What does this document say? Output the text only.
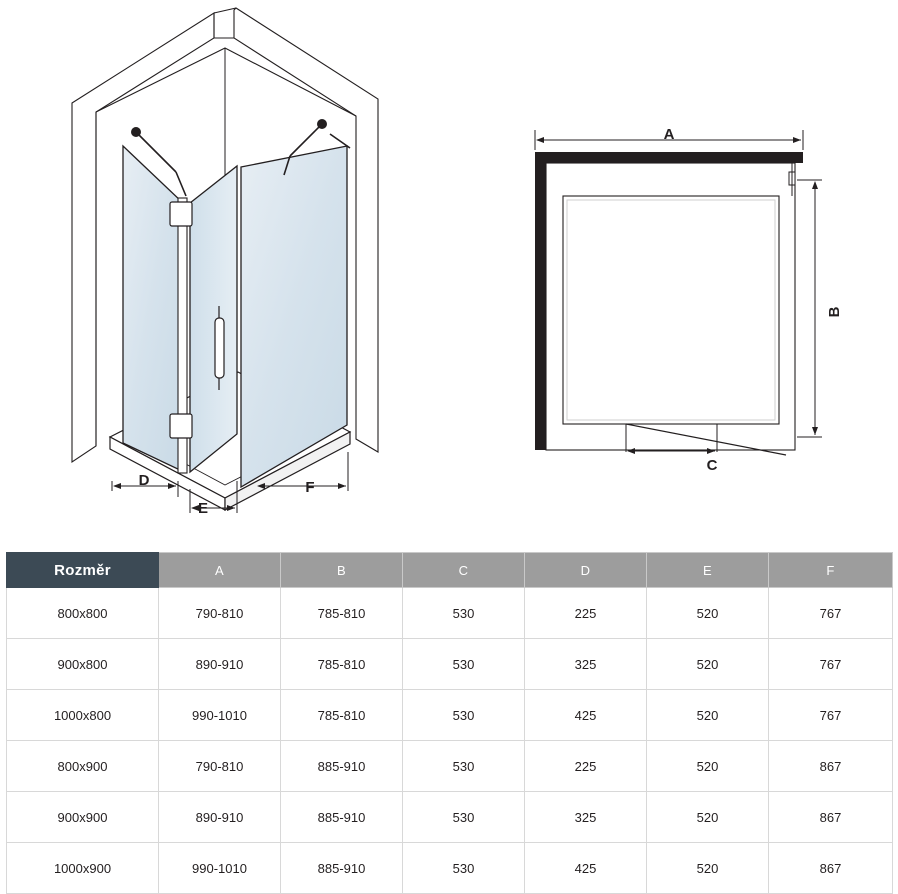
D
E
F
A
B
C
Rozměr	A	B	C	D	E	F
800x800	790-810	785-810	530	225	520	767
900x800	890-910	785-810	530	325	520	767
1000x800	990-1010	785-810	530	425	520	767
800x900	790-810	885-910	530	225	520	867
900x900	890-910	885-910	530	325	520	867
1000x900	990-1010	885-910	530	425	520	867
